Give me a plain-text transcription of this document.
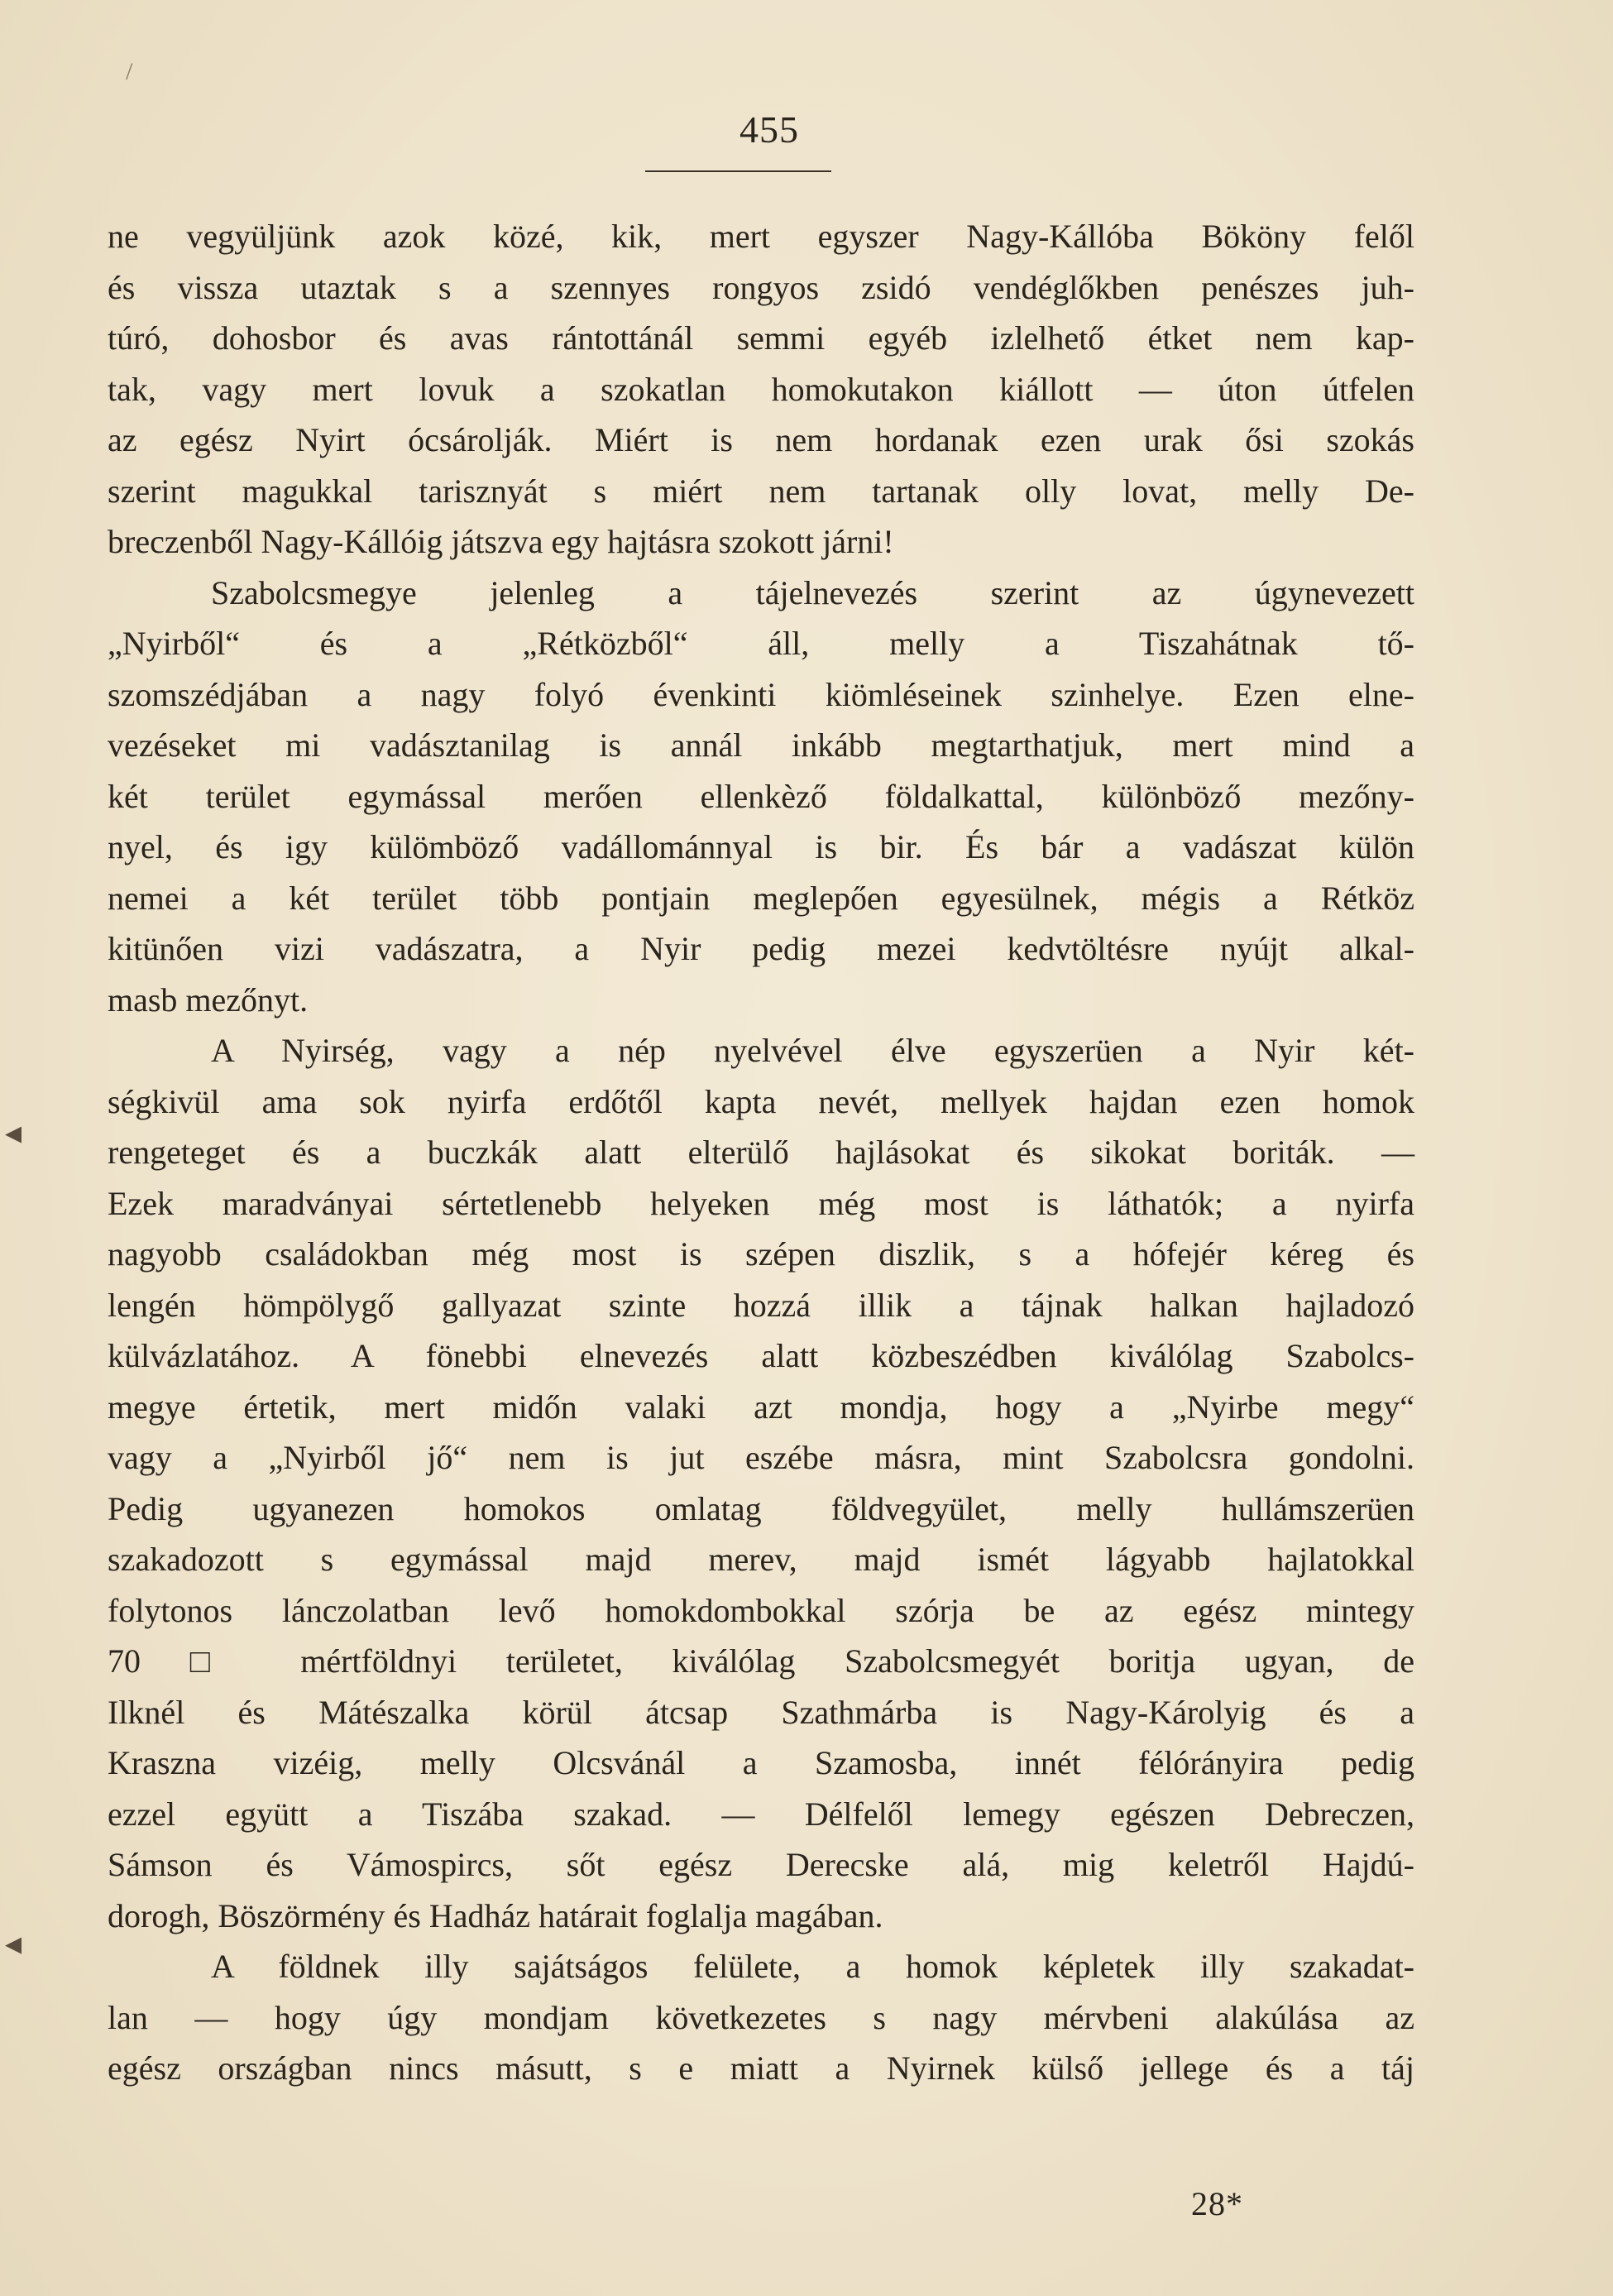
455
ne vegyüljünk azok közé, kik, mert egyszer Nagy-Kállóba Bököny felől
és vissza utaztak s a szennyes rongyos zsidó vendéglőkben penészes juh-
túró, dohosbor és avas rántottánál semmi egyéb izlelhető étket nem kap-
tak, vagy mert lovuk a szokatlan homokutakon kiállott — úton útfelen
az egész Nyirt ócsárolják. Miért is nem hordanak ezen urak ősi szokás
szerint magukkal tarisznyát s miért nem tartanak olly lovat, melly De-
breczenből Nagy-Kállóig játszva egy hajtásra szokott járni!
Szabolcsmegye jelenleg a tájelnevezés szerint az úgynevezett
„Nyirből“ és a „Rétközből“ áll, melly a Tiszahátnak tő-
szomszédjában a nagy folyó évenkinti kiömléseinek szinhelye. Ezen elne-
vezéseket mi vadásztanilag is annál inkább megtarthatjuk, mert mind a
két terület egymással merően ellenkèző földalkattal, különböző mezőny-
nyel, és igy külömböző vadállománnyal is bir. És bár a vadászat külön
nemei a két terület több pontjain meglepően egyesülnek, mégis a Rétköz
kitünően vizi vadászatra, a Nyir pedig mezei kedvtöltésre nyújt alkal-
masb mezőnyt.
A Nyirség, vagy a nép nyelvével élve egyszerüen a Nyir két-
ségkivül ama sok nyirfa erdőtől kapta nevét, mellyek hajdan ezen homok
rengeteget és a buczkák alatt elterülő hajlásokat és sikokat boriták. —
Ezek maradványai sértetlenebb helyeken még most is láthatók; a nyirfa
nagyobb családokban még most is szépen diszlik, s a hófejér kéreg és
lengén hömpölygő gallyazat szinte hozzá illik a tájnak halkan hajladozó
külvázlatához. A fönebbi elnevezés alatt közbeszédben kiválólag Szabolcs-
megye értetik, mert midőn valaki azt mondja, hogy a „Nyirbe megy“
vagy a „Nyirből jő“ nem is jut eszébe másra, mint Szabolcsra gondolni.
Pedig ugyanezen homokos omlatag földvegyület, melly hullámszerüen
szakadozott s egymással majd merev, majd ismét lágyabb hajlatokkal
folytonos lánczolatban levő homokdombokkal szórja be az egész mintegy
70 □ mértföldnyi területet, kiválólag Szabolcsmegyét boritja ugyan, de
Ilknél és Mátészalka körül átcsap Szathmárba is Nagy-Károlyig és a
Kraszna vizéig, melly Olcsvánál a Szamosba, innét félórányira pedig
ezzel együtt a Tiszába szakad. — Délfelől lemegy egészen Debreczen,
Sámson és Vámospircs, sőt egész Derecske alá, mig keletről Hajdú-
dorogh, Böszörmény és Hadház határait foglalja magában.
A földnek illy sajátságos felülete, a homok képletek illy szakadat-
lan — hogy úgy mondjam következetes s nagy mérvbeni alakúlása az
egész országban nincs másutt, s e miatt a Nyirnek külső jellege és a táj
28*
◂
◂
/
